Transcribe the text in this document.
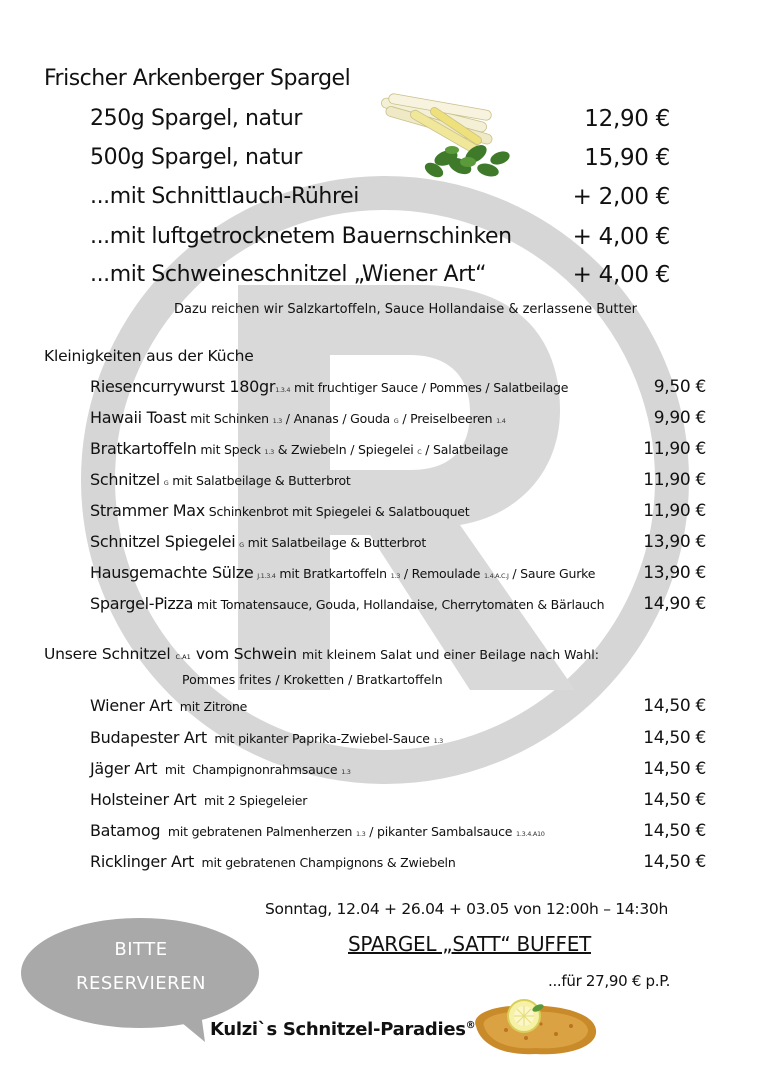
R
Frischer Arkenberger Spargel
250g Spargel, natur	12,90 €
500g Spargel, natur	15,90 €
...mit Schnittlauch-Rührei	+ 2,00 €
...mit luftgetrocknetem Bauernschinken	+ 4,00 €
...mit Schweineschnitzel „Wiener Art“	+ 4,00 €
Dazu reichen wir Salzkartoffeln, Sauce Hollandaise & zerlassene Butter
Kleinigkeiten aus der Küche
Riesencurrywurst 180gr1.3.4 mit fruchtiger Sauce / Pommes / Salatbeilage	9,50 €
Hawaii Toast mit Schinken 1.3 / Ananas / Gouda G / Preiselbeeren 1.4	9,90 €
Bratkartoffeln mit Speck 1.3 & Zwiebeln / Spiegelei C / Salatbeilage	11,90 €
Schnitzel G mit Salatbeilage & Butterbrot	11,90 €
Strammer Max Schinkenbrot mit Spiegelei & Salatbouquet	11,90 €
Schnitzel Spiegelei G mit Salatbeilage & Butterbrot	13,90 €
Hausgemachte Sülze J.1.3.4 mit Bratkartoffeln 1.3 / Remoulade 1.4.A.C.J / Saure Gurke	13,90 €
Spargel-Pizza mit Tomatensauce, Gouda, Hollandaise, Cherrytomaten & Bärlauch 14,90 €
Unsere Schnitzel C.A1 vom Schwein mit kleinem Salat und einer Beilage nach Wahl:
Pommes frites / Kroketten / Bratkartoffeln
Wiener Art  mit Zitrone	14,50 €
Budapester Art  mit pikanter Paprika-Zwiebel-Sauce 1.3	14,50 €
Jäger Art  mit  Champignonrahmsauce 1.3	14,50 €
Holsteiner Art  mit 2 Spiegeleier	14,50 €
Batamog  mit gebratenen Palmenherzen 1.3 / pikanter Sambalsauce 1.3.4.A10	14,50 €
Ricklinger Art  mit gebratenen Champignons & Zwiebeln	14,50 €
Sonntag, 12.04 + 26.04 + 03.05 von 12:00h – 14:30h
SPARGEL „SATT“ BUFFET
...für 27,90 € p.P.
BITTE
RESERVIEREN
Kulzi`s Schnitzel-Paradies®
